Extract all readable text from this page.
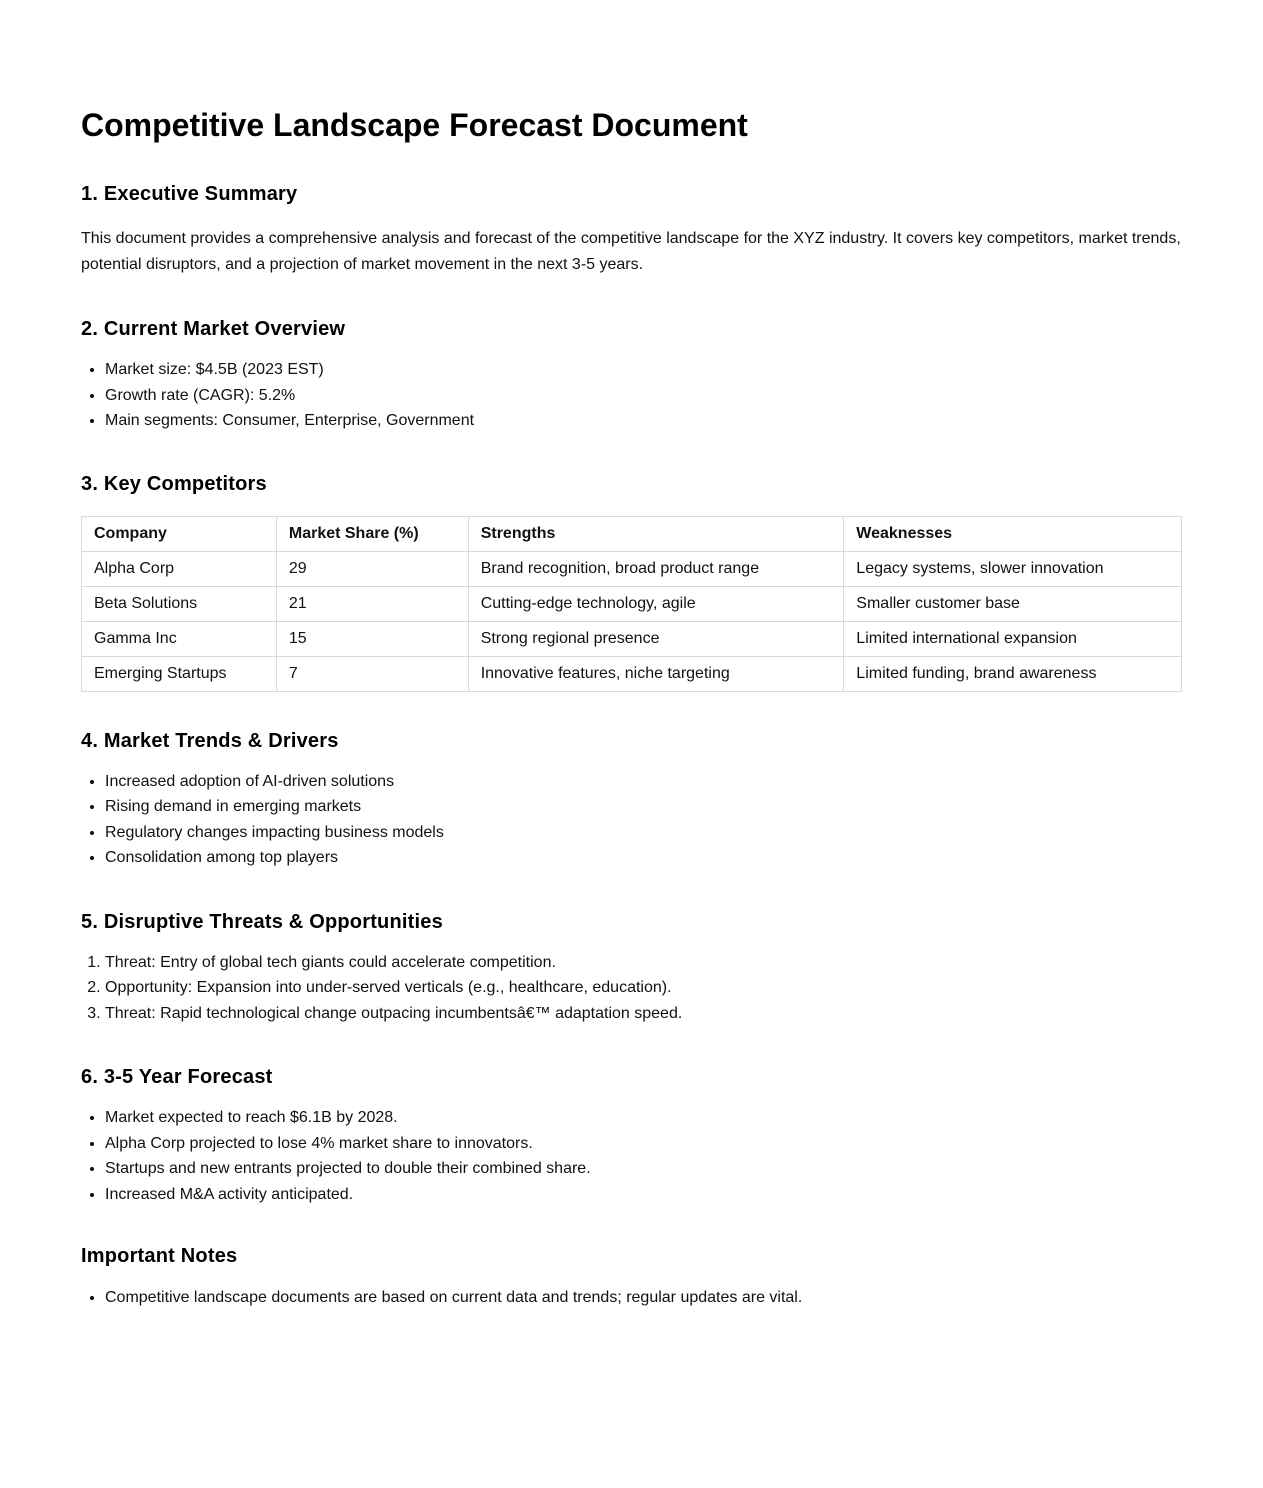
Competitive Landscape Forecast Document
1. Executive Summary

This document provides a comprehensive analysis and forecast of the competitive landscape for the XYZ industry. It covers key competitors, market trends, potential disruptors, and a projection of market movement in the next 3-5 years.

2. Current Market Overview
• Market size: $4.5B (2023 EST)
• Growth rate (CAGR): 5.2%
• Main segments: Consumer, Enterprise, Government
3. Key Competitors
Company	Market Share (%)	Strengths	Weaknesses
Alpha Corp	29	Brand recognition, broad product range	Legacy systems, slower innovation
Beta Solutions	21	Cutting-edge technology, agile	Smaller customer base
Gamma Inc	15	Strong regional presence	Limited international expansion
Emerging Startups	7	Innovative features, niche targeting	Limited funding, brand awareness
4. Market Trends & Drivers
• Increased adoption of AI-driven solutions
• Rising demand in emerging markets
• Regulatory changes impacting business models
• Consolidation among top players
5. Disruptive Threats & Opportunities
1. Threat: Entry of global tech giants could accelerate competition.
2. Opportunity: Expansion into under-served verticals (e.g., healthcare, education).
3. Threat: Rapid technological change outpacing incumbentsâ€™ adaptation speed.
6. 3-5 Year Forecast
• Market expected to reach $6.1B by 2028.
• Alpha Corp projected to lose 4% market share to innovators.
• Startups and new entrants projected to double their combined share.
• Increased M&A activity anticipated.
Important Notes
• Competitive landscape documents are based on current data and trends; regular updates are vital.
